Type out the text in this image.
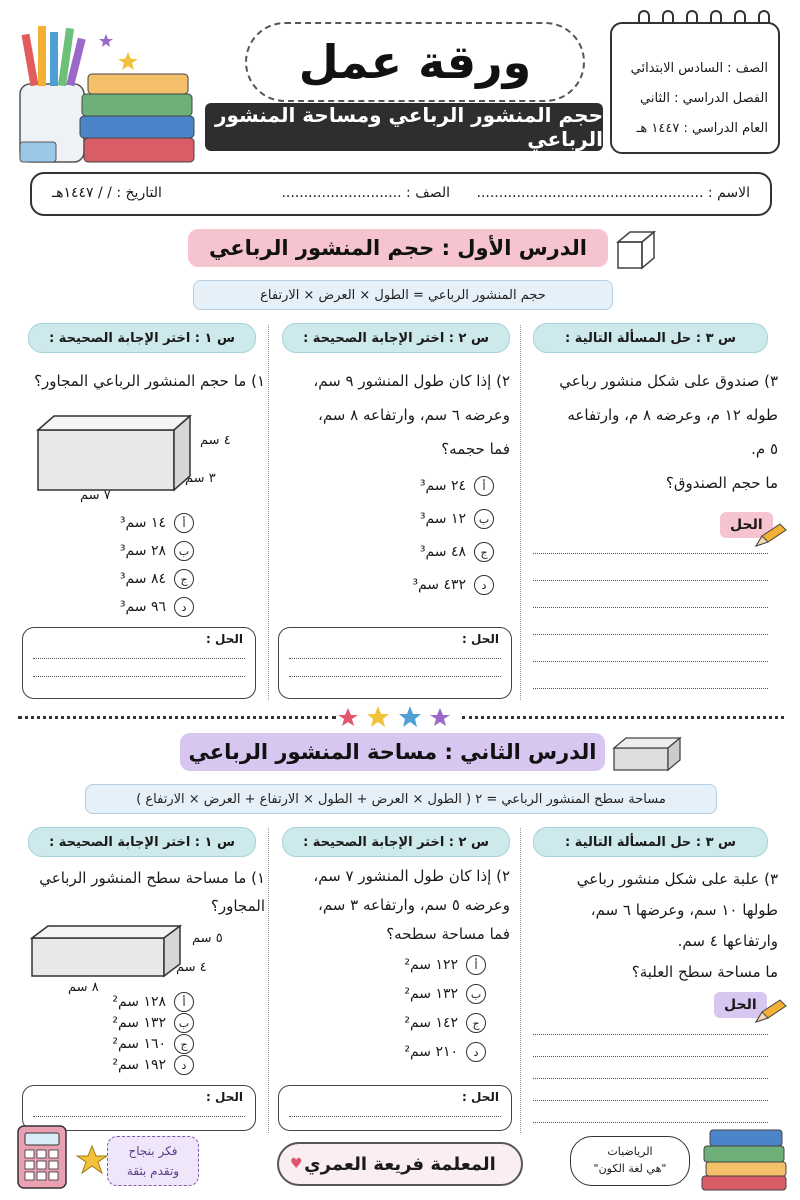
ورقة عمل
حجم المنشور الرباعي ومساحة المنشور الرباعي
الصف : السادس الابتدائي
الفصل الدراسي : الثاني
العام الدراسي : ١٤٤٧ هـ
الاسم : ...................................................
الصف : ...........................
التاريخ : / / ١٤٤٧هـ
الدرس الأول : حجم المنشور الرباعي
حجم المنشور الرباعي = الطول × العرض × الارتفاع
س ٣ : حل المسألة التالية :
٣) صندوق على شكل منشور رباعي
طوله ١٢ م، وعرضه ٨ م، وارتفاعه
٥ م.
ما حجم الصندوق؟
الحل
س ٢ : اختر الإجابة الصحيحة :
٢) إذا كان طول المنشور ٩ سم،
وعرضه ٦ سم، وارتفاعه ٨ سم،
فما حجمه؟
أ
٢٤ سم³
ب
١٢ سم³
ج
٤٨ سم³
د
٤٣٢ سم³
الحل :
س ١ : اختر الإجابة الصحيحة :
١) ما حجم المنشور الرباعي المجاور؟
٤ سم
٣ سم
٧ سم
أ
١٤ سم³
ب
٢٨ سم³
ج
٨٤ سم³
د
٩٦ سم³
الحل :
الدرس الثاني : مساحة المنشور الرباعي
مساحة سطح المنشور الرباعي = ٢ ( الطول × العرض + الطول × الارتفاع + العرض × الارتفاع )
س ٣ : حل المسألة التالية :
٣) علبة على شكل منشور رباعي
طولها ١٠ سم، وعرضها ٦ سم،
وارتفاعها ٤ سم.
ما مساحة سطح العلبة؟
الحل
س ٢ : اختر الإجابة الصحيحة :
٢) إذا كان طول المنشور ٧ سم،
وعرضه ٥ سم، وارتفاعه ٣ سم،
فما مساحة سطحه؟
أ
١٢٢ سم²
ب
١٣٢ سم²
ج
١٤٢ سم²
د
٢١٠ سم²
الحل :
س ١ : اختر الإجابة الصحيحة :
١) ما مساحة سطح المنشور الرباعي
المجاور؟
٥ سم
٤ سم
٨ سم
أ
١٢٨ سم²
ب
١٣٢ سم²
ج
١٦٠ سم²
د
١٩٢ سم²
الحل :
فكر بنجاح
وتقدم بثقة	المعلمة فريعة العمري
♥
الرياضيات
"هي لغة الكون"
